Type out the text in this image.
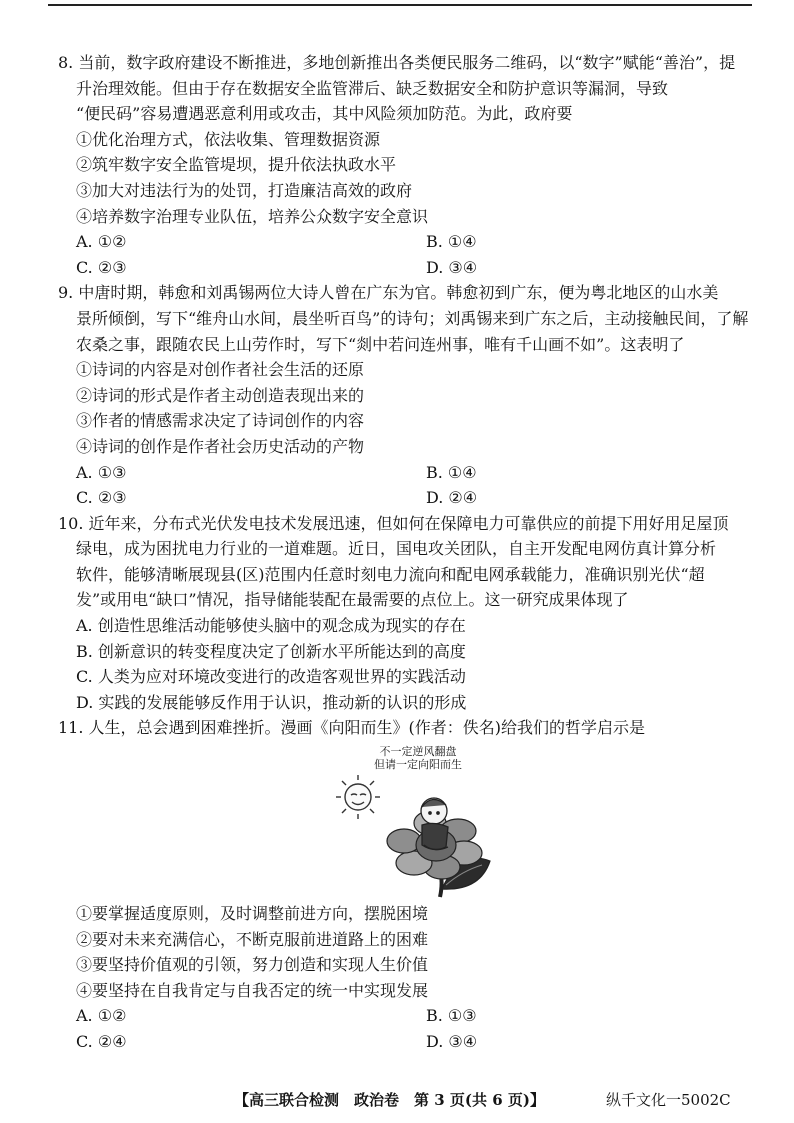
8. 当前，数字政府建设不断推进，多地创新推出各类便民服务二维码，以“数字”赋能“善治”，提
升治理效能。但由于存在数据安全监管滞后、缺乏数据安全和防护意识等漏洞，导致
“便民码”容易遭遇恶意利用或攻击，其中风险须加防范。为此，政府要

①优化治理方式，依法收集、管理数据资源

②筑牢数字安全监管堤坝，提升依法执政水平

③加大对违法行为的处罚，打造廉洁高效的政府

④培养数字治理专业队伍，培养公众数字安全意识

A. ①②	B. ①④
C. ②③	D. ③④
9. 中唐时期，韩愈和刘禹锡两位大诗人曾在广东为官。韩愈初到广东，便为粤北地区的山水美
景所倾倒，写下“维舟山水间，晨坐听百鸟”的诗句；刘禹锡来到广东之后，主动接触民间，了解
农桑之事，跟随农民上山劳作时，写下“剡中若问连州事，唯有千山画不如”。这表明了

①诗词的内容是对创作者社会生活的还原

②诗词的形式是作者主动创造表现出来的

③作者的情感需求决定了诗词创作的内容

④诗词的创作是作者社会历史活动的产物

A. ①③	B. ①④
C. ②③	D. ②④
10. 近年来，分布式光伏发电技术发展迅速，但如何在保障电力可靠供应的前提下用好用足屋顶
绿电，成为困扰电力行业的一道难题。近日，国电攻关团队，自主开发配电网仿真计算分析
软件，能够清晰展现县(区)范围内任意时刻电力流向和配电网承载能力，准确识别光伏“超
发”或用电“缺口”情况，指导储能装配在最需要的点位上。这一研究成果体现了

A. 创造性思维活动能够使头脑中的观念成为现实的存在

B. 创新意识的转变程度决定了创新水平所能达到的高度

C. 人类为应对环境改变进行的改造客观世界的实践活动

D. 实践的发展能够反作用于认识，推动新的认识的形成

11. 人生，总会遇到困难挫折。漫画《向阳而生》(作者：佚名)给我们的哲学启示是
不一定逆风翻盘
但请一定向阳而生

①要掌握适度原则，及时调整前进方向，摆脱困境

②要对未来充满信心，不断克服前进道路上的困难

③要坚持价值观的引领，努力创造和实现人生价值

④要坚持在自我肯定与自我否定的统一中实现发展

A. ①②	B. ①③
C. ②④	D. ③④
【高三联合检测　政治卷　第 3 页(共 6 页)】	纵千文化一5002C
